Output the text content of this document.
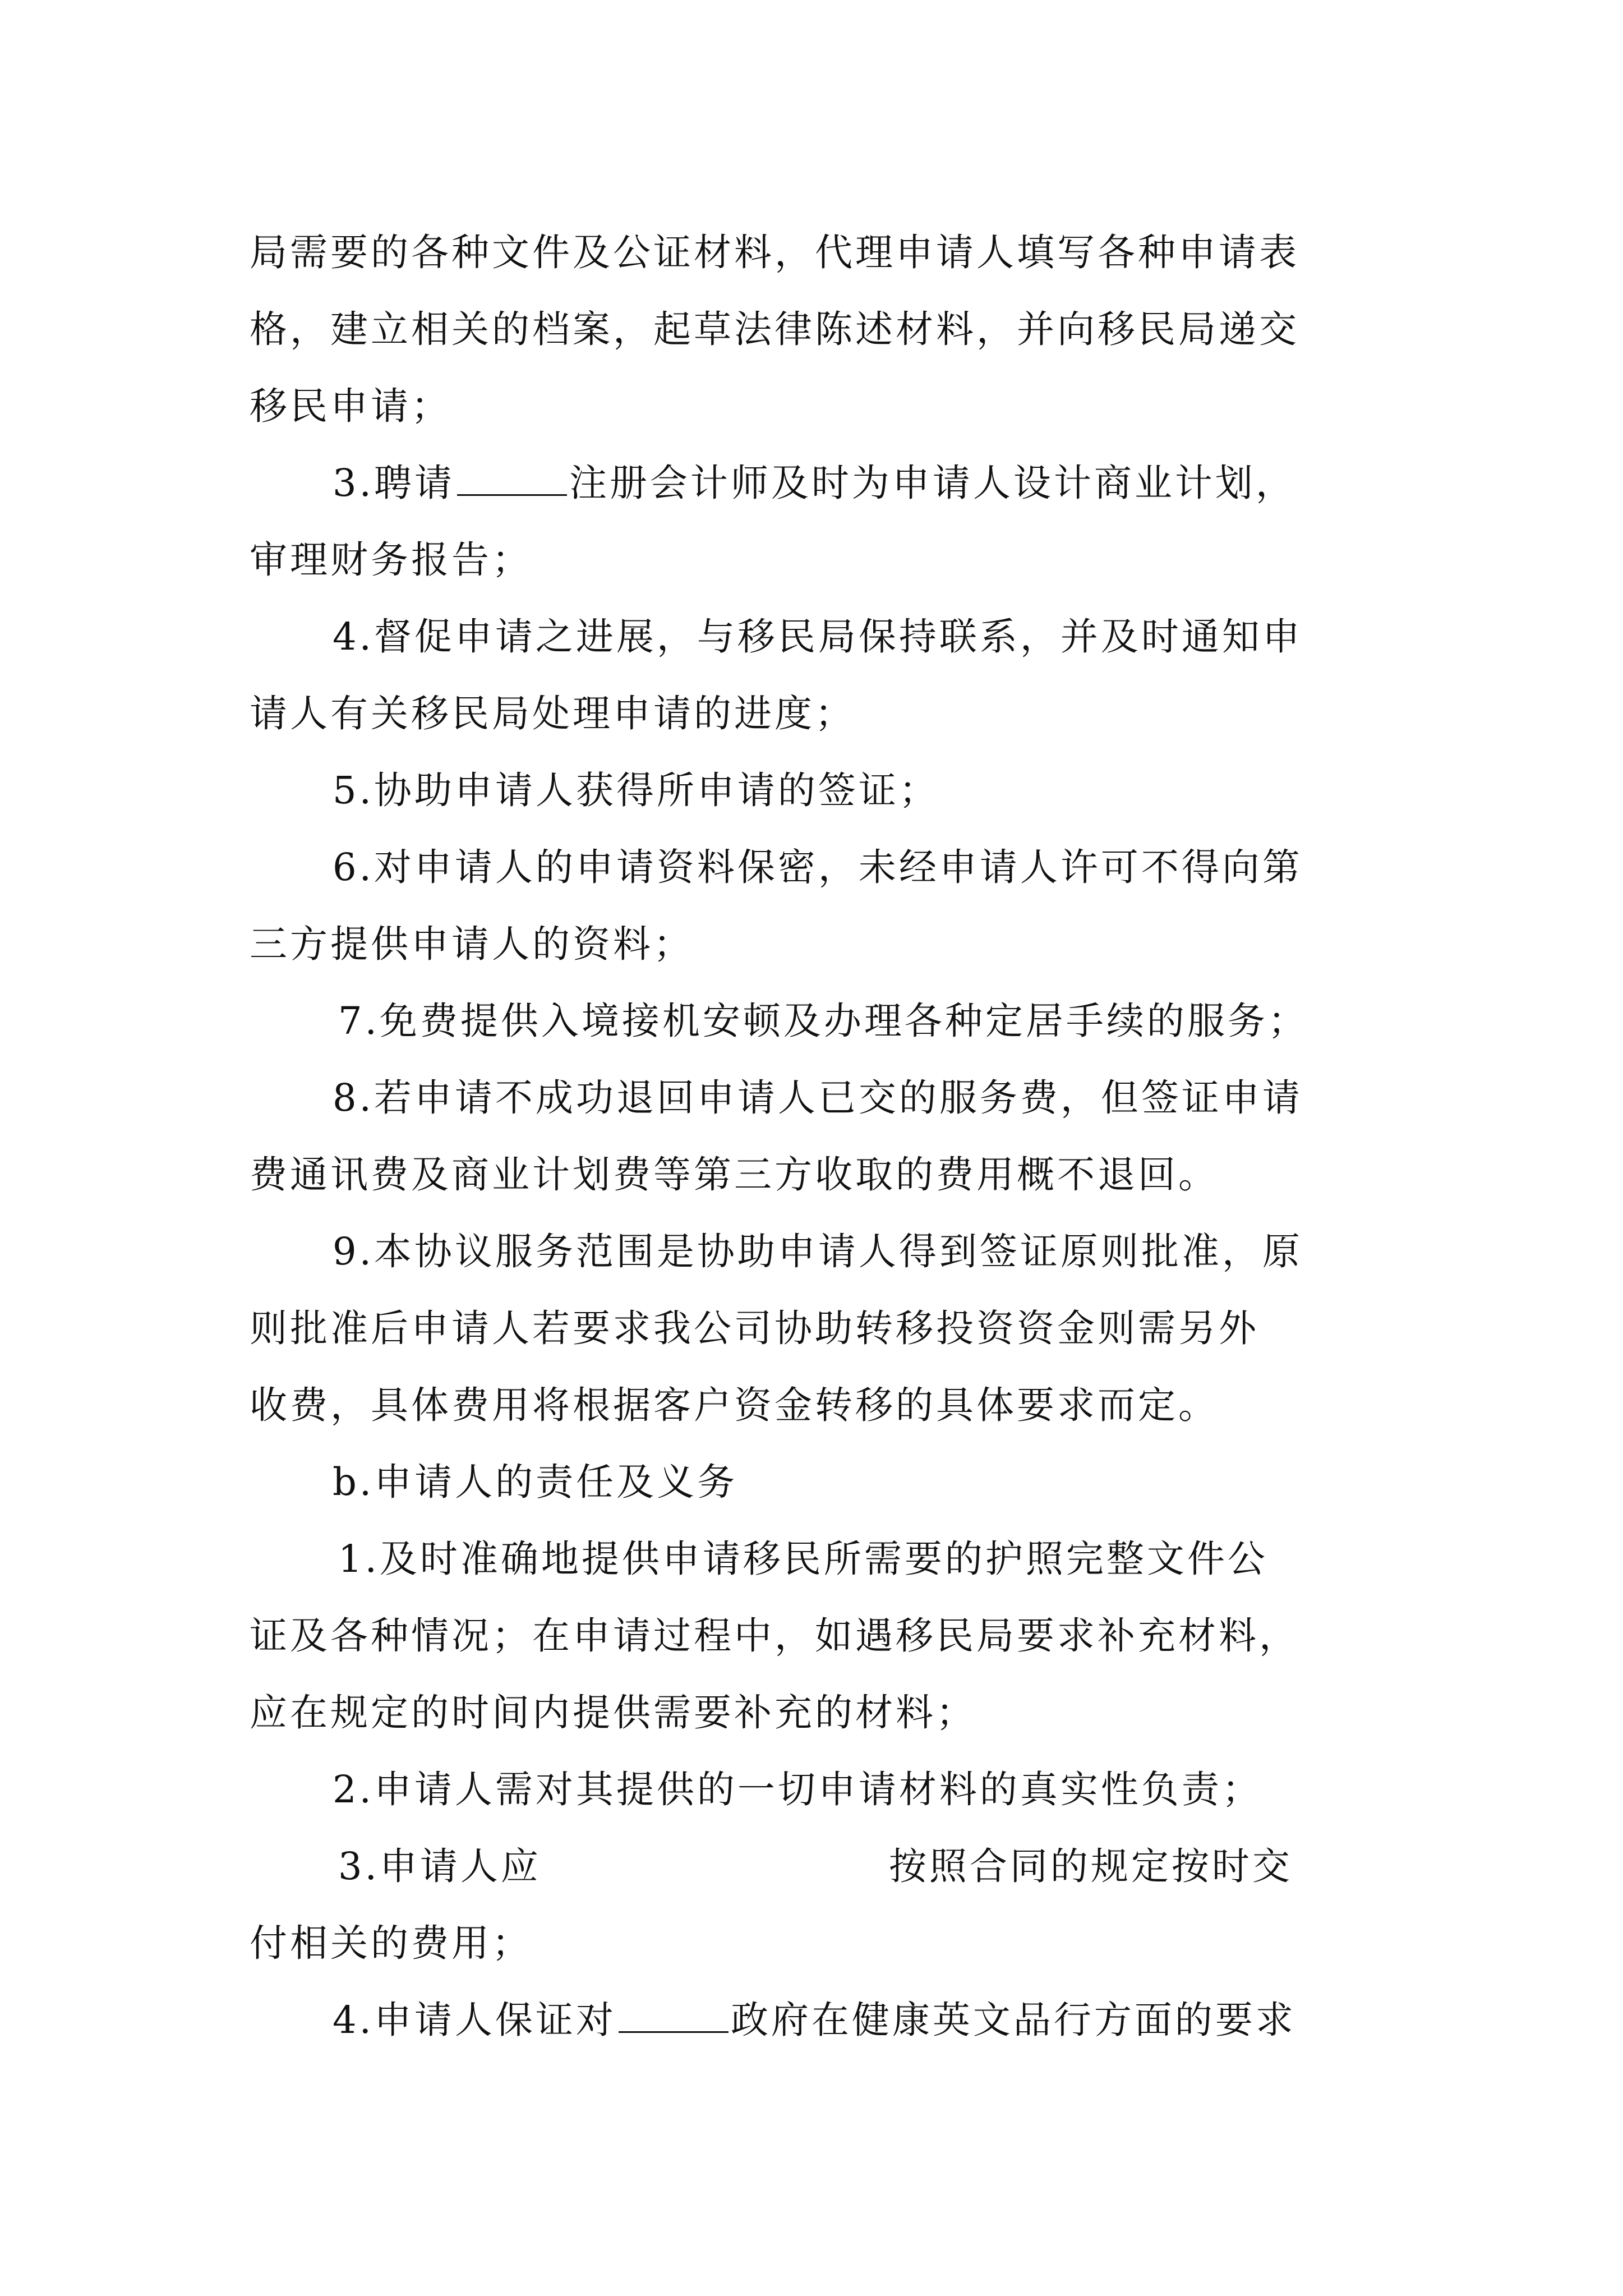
局需要的各种文件及公证材料，代理申请人填写各种申请表
格，建立相关的档案，起草法律陈述材料，并向移民局递交
移民申请；
3.聘请	注册会计师及时为申请人设计商业计划，
审理财务报告；
4.督促申请之进展，与移民局保持联系，并及时通知申
请人有关移民局处理申请的进度；
5.协助申请人获得所申请的签证；
6.对申请人的申请资料保密，未经申请人许可不得向第
三方提供申请人的资料；
7.免费提供入境接机安顿及办理各种定居手续的服务；
8.若申请不成功退回申请人已交的服务费，但签证申请
费通讯费及商业计划费等第三方收取的费用概不退回。
9.本协议服务范围是协助申请人得到签证原则批准，原
则批准后申请人若要求我公司协助转移投资资金则需另外
收费，具体费用将根据客户资金转移的具体要求而定。
b.申请人的责任及义务
1.及时准确地提供申请移民所需要的护照完整文件公
证及各种情况；在申请过程中，如遇移民局要求补充材料，
应在规定的时间内提供需要补充的材料；
2.申请人需对其提供的一切申请材料的真实性负责；
3.申请人应	按照合同的规定按时交
付相关的费用；
4.申请人保证对	政府在健康英文品行方面的要求
